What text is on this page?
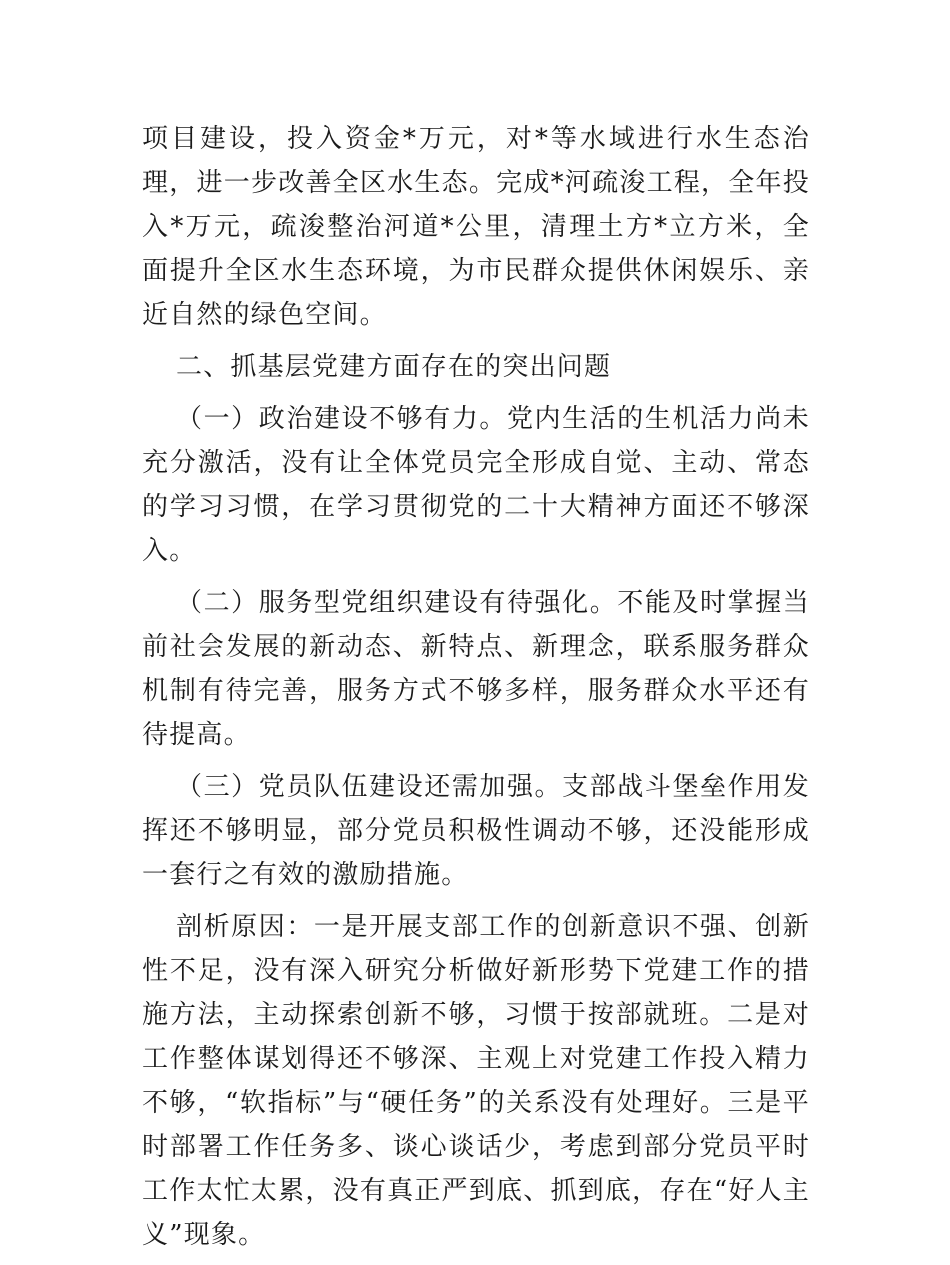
项目建设，投入资金*万元，对*等水域进行水生态治理，进一步改善全区水生态。完成*河疏浚工程，全年投入*万元，疏浚整治河道*公里，清理土方*立方米，全面提升全区水生态环境，为市民群众提供休闲娱乐、亲近自然的绿色空间。

二、抓基层党建方面存在的突出问题

（一）政治建设不够有力。党内生活的生机活力尚未充分激活，没有让全体党员完全形成自觉、主动、常态的学习习惯，在学习贯彻党的二十大精神方面还不够深入。

（二）服务型党组织建设有待强化。不能及时掌握当前社会发展的新动态、新特点、新理念，联系服务群众机制有待完善，服务方式不够多样，服务群众水平还有待提高。

（三）党员队伍建设还需加强。支部战斗堡垒作用发挥还不够明显，部分党员积极性调动不够，还没能形成一套行之有效的激励措施。

剖析原因：一是开展支部工作的创新意识不强、创新性不足，没有深入研究分析做好新形势下党建工作的措施方法，主动探索创新不够，习惯于按部就班。二是对工作整体谋划得还不够深、主观上对党建工作投入精力不够，“软指标”与“硬任务”的关系没有处理好。三是平时部署工作任务多、谈心谈话少，考虑到部分党员平时工作太忙太累，没有真正严到底、抓到底，存在“好人主义”现象。
